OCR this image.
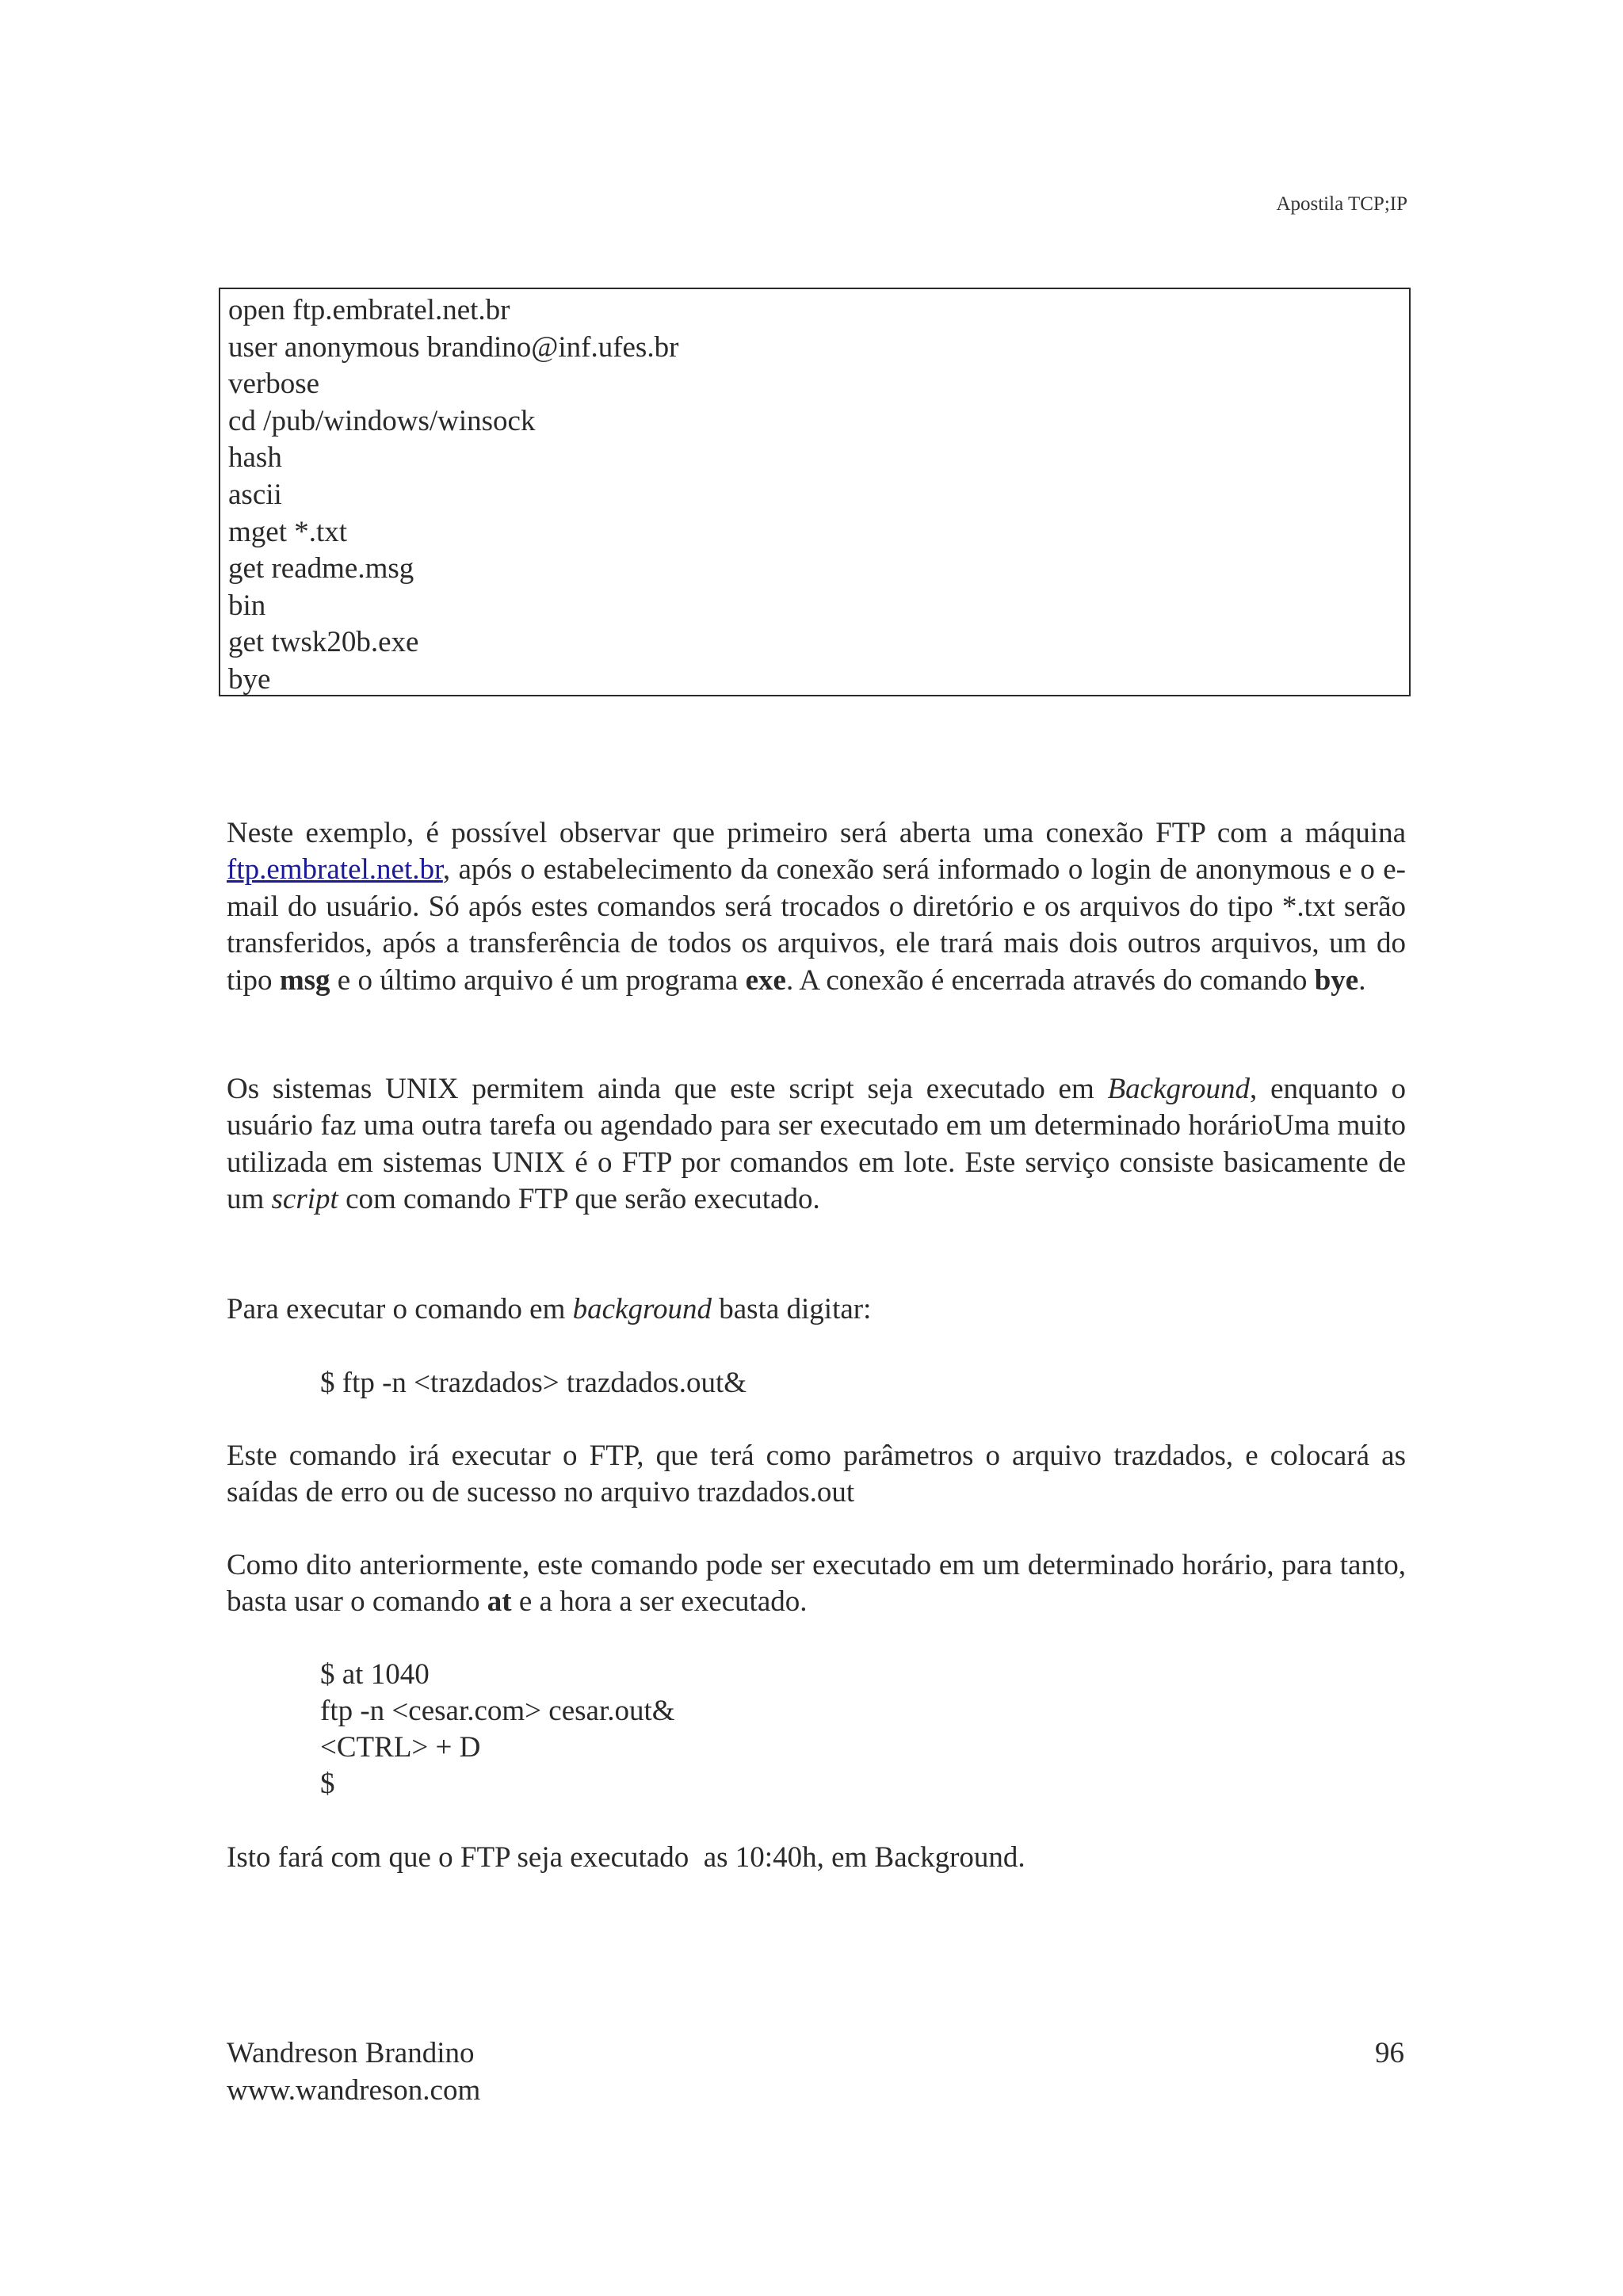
Apostila TCP;IP
open ftp.embratel.net.br
user anonymous brandino@inf.ufes.br
verbose
cd /pub/windows/winsock
hash
ascii
mget *.txt
get readme.msg
bin
get twsk20b.exe
bye

Neste exemplo, é possível observar que primeiro será aberta uma conexão FTP com a máquina ftp.embratel.net.br, após o estabelecimento da conexão será informado o login de anonymous e o e-mail do usuário. Só após estes comandos será trocados o diretório e os arquivos do tipo *.txt serão transferidos, após a transferência de todos os arquivos, ele trará mais dois outros arquivos, um do tipo msg e o último arquivo é um programa exe. A conexão é encerrada através do comando bye.

Os sistemas UNIX permitem ainda que este script seja executado em Background, enquanto o usuário faz uma outra tarefa ou agendado para ser executado em um determinado horárioUma muito utilizada em sistemas UNIX é o FTP por comandos em lote. Este serviço consiste basicamente de um script com comando FTP que serão executado.

Para executar o comando em background basta digitar:

$ ftp -n <trazdados> trazdados.out&

Este comando irá executar o FTP, que terá como parâmetros o arquivo trazdados, e colocará as saídas de erro ou de sucesso no arquivo trazdados.out

Como dito anteriormente, este comando pode ser executado em um determinado horário, para tanto, basta usar o comando at e a hora a ser executado.

$ at 1040
ftp -n <cesar.com> cesar.out&
<CTRL> + D
$

Isto fará com que o FTP seja executado  as 10:40h, em Background.

Wandreson Brandino
www.wandreson.com
96
